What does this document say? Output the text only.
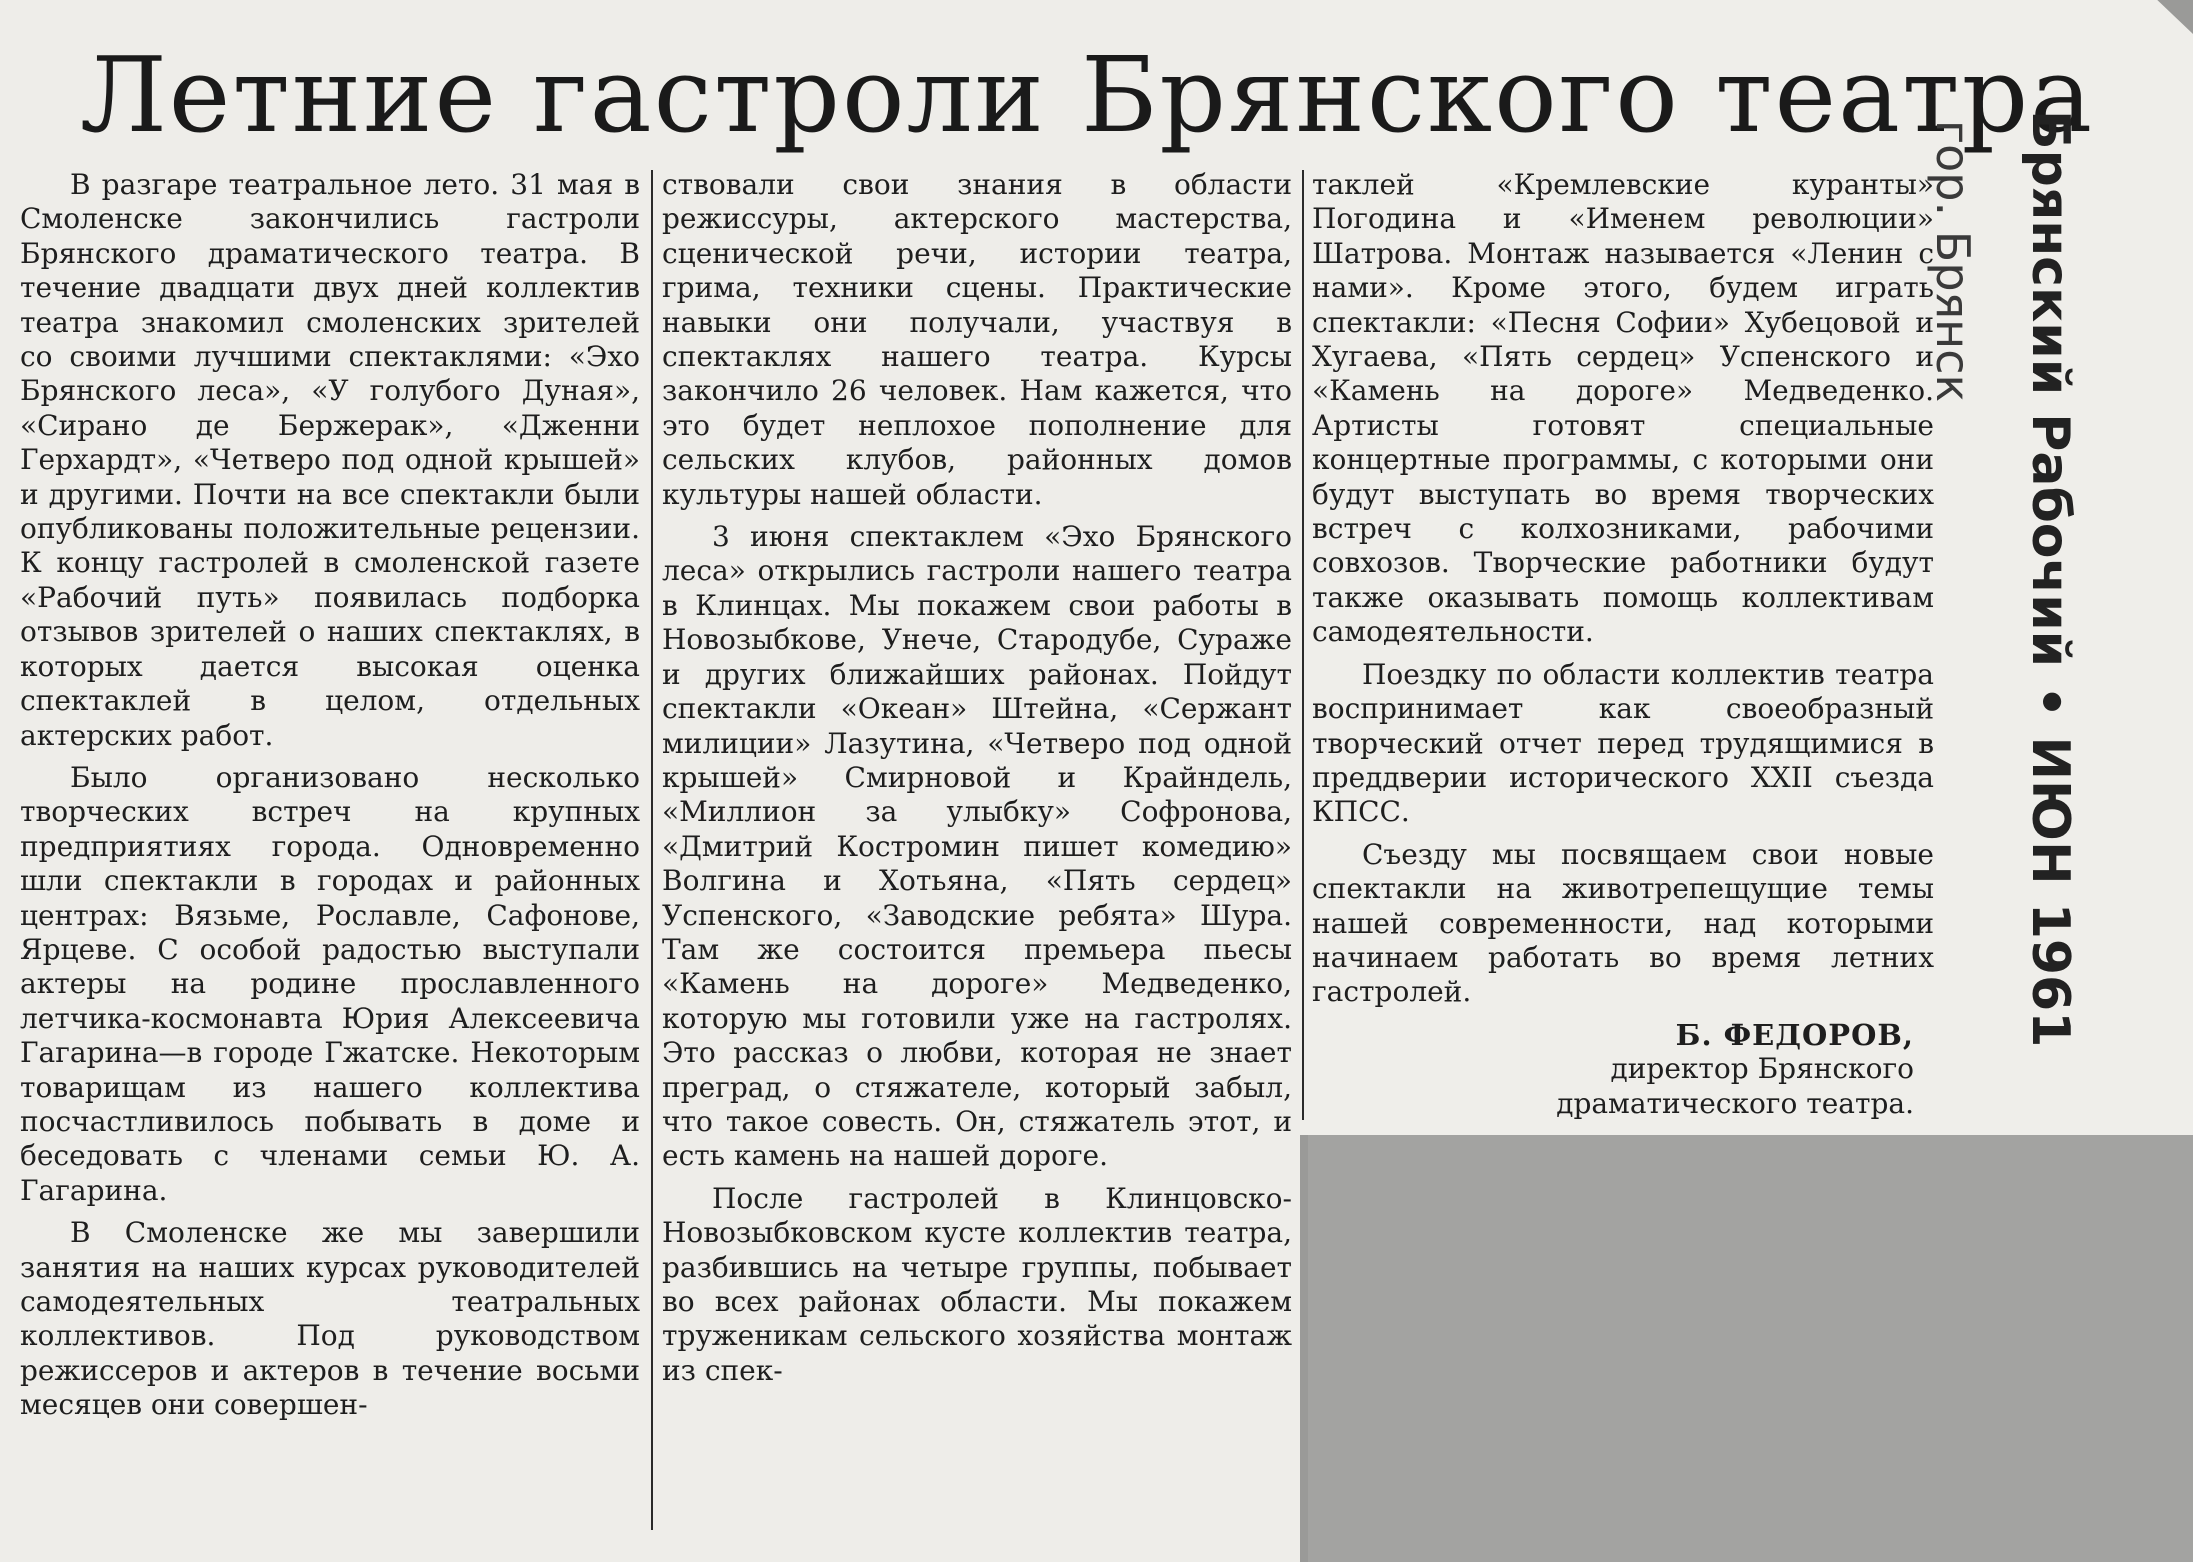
Летние гастроли Брянского театра

В разгаре театральное лето. 31 мая в Смоленске закончились гастроли Брянского драматического театра. В течение двадцати двух дней коллектив театра знакомил смоленских зрителей со своими лучшими спектаклями: «Эхо Брянского леса», «У голубого Дуная», «Сирано де Бержерак», «Дженни Герхардт», «Четверо под одной крышей» и другими. Почти на все спектакли были опубликованы положительные рецензии. К концу гастролей в смоленской газете «Рабочий путь» появилась подборка отзывов зрителей о наших спектаклях, в которых дается высокая оценка спектаклей в целом, отдельных актерских работ.

Было организовано несколько творческих встреч на крупных предприятиях города. Одновременно шли спектакли в городах и районных центрах: Вязьме, Рославле, Сафонове, Ярцеве. С особой радостью выступали актеры на родине прославленного летчика-космонавта Юрия Алексеевича Гагарина—в городе Гжатске. Некоторым товарищам из нашего коллектива посчастливилось побывать в доме и беседовать с членами семьи Ю. А. Гагарина.

В Смоленске же мы завершили занятия на наших курсах руководителей самодеятельных театральных коллективов. Под руководством режиссеров и актеров в течение восьми месяцев они совершен-

ствовали свои знания в области режиссуры, актерского мастерства, сценической речи, истории театра, грима, техники сцены. Практические навыки они получали, участвуя в спектаклях нашего театра. Курсы закончило 26 человек. Нам кажется, что это будет неплохое пополнение для сельских клубов, районных домов культуры нашей области.

3 июня спектаклем «Эхо Брянского леса» открылись гастроли нашего театра в Клинцах. Мы покажем свои работы в Новозыбкове, Унече, Стародубе, Сураже и других ближайших районах. Пойдут спектакли «Океан» Штейна, «Сержант милиции» Лазутина, «Четверо под одной крышей» Смирновой и Крайндель, «Миллион за улыбку» Софронова, «Дмитрий Костромин пишет комедию» Волгина и Хотьяна, «Пять сердец» Успенского, «Заводские ребята» Шура. Там же состоится премьера пьесы «Камень на дороге» Медведенко, которую мы готовили уже на гастролях. Это рассказ о любви, которая не знает преград, о стяжателе, который забыл, что такое совесть. Он, стяжатель этот, и есть камень на нашей дороге.

После гастролей в Клинцовско-Новозыбковском кусте коллектив театра, разбившись на четыре группы, побывает во всех районах области. Мы покажем труженикам сельского хозяйства монтаж из спек-

таклей «Кремлевские куранты» Погодина и «Именем революции» Шатрова. Монтаж называется «Ленин с нами». Кроме этого, будем играть спектакли: «Песня Софии» Хубецовой и Хугаева, «Пять сердец» Успенского и «Камень на дороге» Медведенко. Артисты готовят специальные концертные программы, с которыми они будут выступать во время творческих встреч с колхозниками, рабочими совхозов. Творческие работники будут также оказывать помощь коллективам самодеятельности.

Поездку по области коллектив театра воспринимает как своеобразный творческий отчет перед трудящимися в преддверии исторического XXII съезда КПСС.

Съезду мы посвящаем свои новые спектакли на животрепещущие темы нашей современности, над которыми начинаем работать во время летних гастролей.

Б. ФЕДОРОВ,
директор Брянского
драматического театра.
Брянский Рабочий • ИЮН 1961
гор. Брянск
